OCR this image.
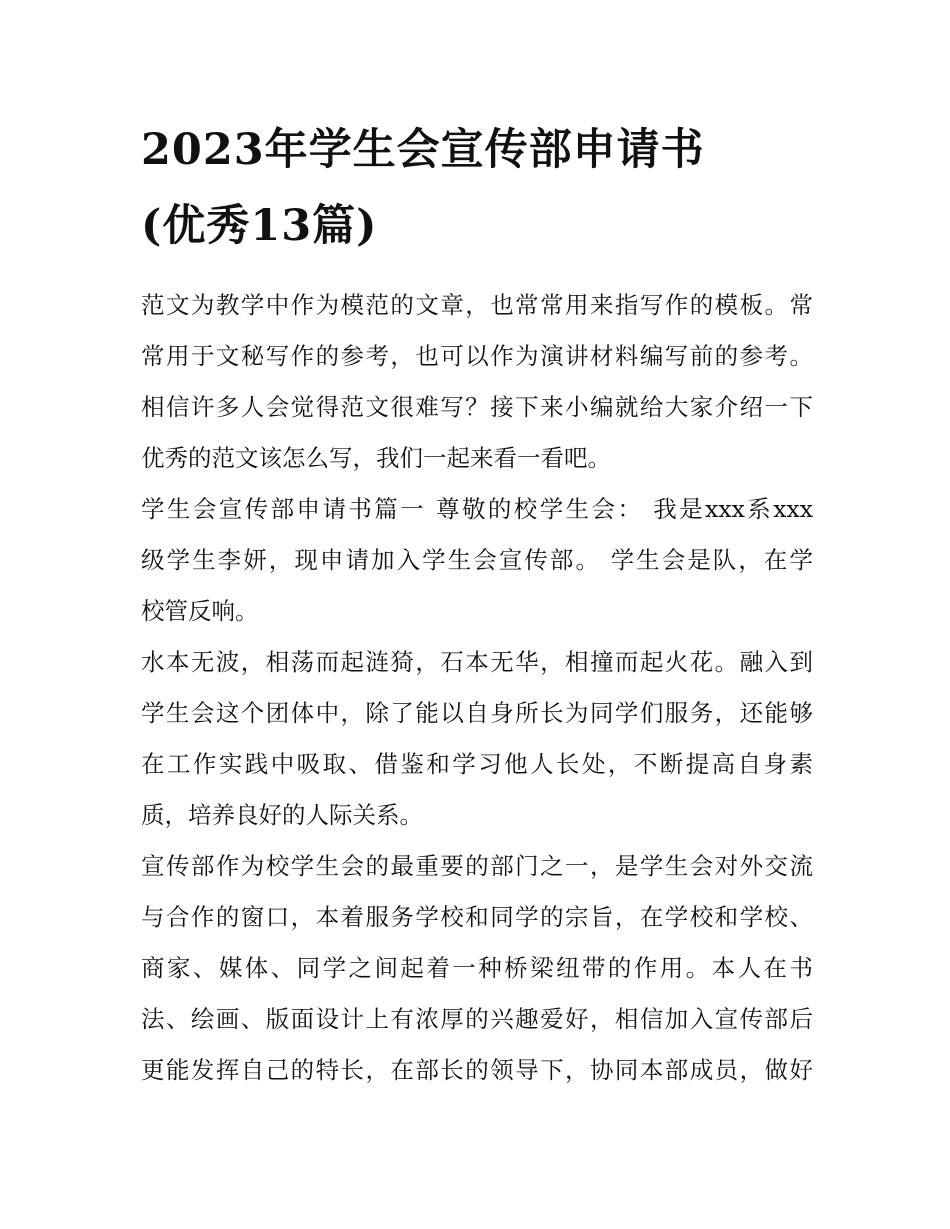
2023年学生会宣传部申请书
(优秀13篇)

范文为教学中作为模范的文章，也常常用来指写作的模板。常
常用于文秘写作的参考，也可以作为演讲材料编写前的参考。
相信许多人会觉得范文很难写？接下来小编就给大家介绍一下
优秀的范文该怎么写，我们一起来看一看吧。

学生会宣传部申请书篇一 尊敬的校学生会： 我是xxx系xxx
级学生李妍，现申请加入学生会宣传部。 学生会是队，在学
校管反响。

水本无波，相荡而起涟猗，石本无华，相撞而起火花。融入到
学生会这个团体中，除了能以自身所长为同学们服务，还能够
在工作实践中吸取、借鉴和学习他人长处，不断提高自身素
质，培养良好的人际关系。

宣传部作为校学生会的最重要的部门之一，是学生会对外交流
与合作的窗口，本着服务学校和同学的宗旨，在学校和学校、
商家、媒体、同学之间起着一种桥梁纽带的作用。本人在书
法、绘画、版面设计上有浓厚的兴趣爱好，相信加入宣传部后
更能发挥自己的特长，在部长的领导下，协同本部成员，做好
